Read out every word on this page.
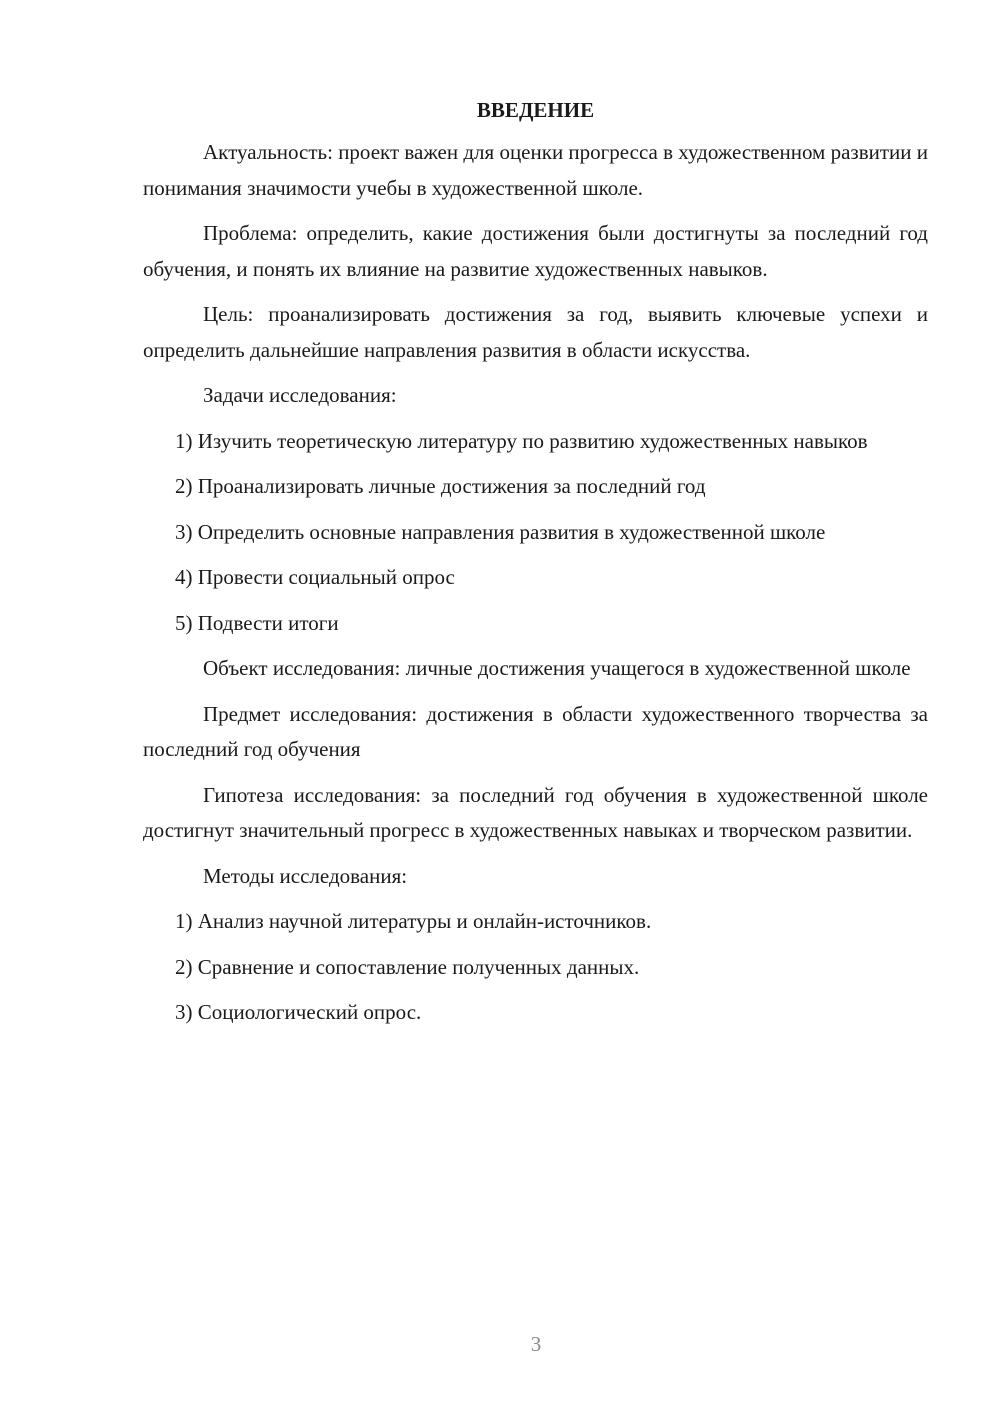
ВВЕДЕНИЕ

Актуальность: проект важен для оценки прогресса в художественном развитии и понимания значимости учебы в художественной школе.

Проблема: определить, какие достижения были достигнуты за последний год обучения, и понять их влияние на развитие художественных навыков.

Цель: проанализировать достижения за год, выявить ключевые успехи и определить дальнейшие направления развития в области искусства.

Задачи исследования:

1) Изучить теоретическую литературу по развитию художественных навыков

2) Проанализировать личные достижения за последний год

3) Определить основные направления развития в художественной школе

4) Провести социальный опрос

5) Подвести итоги

Объект исследования: личные достижения учащегося в художественной школе

Предмет исследования: достижения в области художественного творчества за последний год обучения

Гипотеза исследования: за последний год обучения в художественной школе достигнут значительный прогресс в художественных навыках и творческом развитии.

Методы исследования:

1) Анализ научной литературы и онлайн-источников.

2) Сравнение и сопоставление полученных данных.

3) Социологический опрос.

3
